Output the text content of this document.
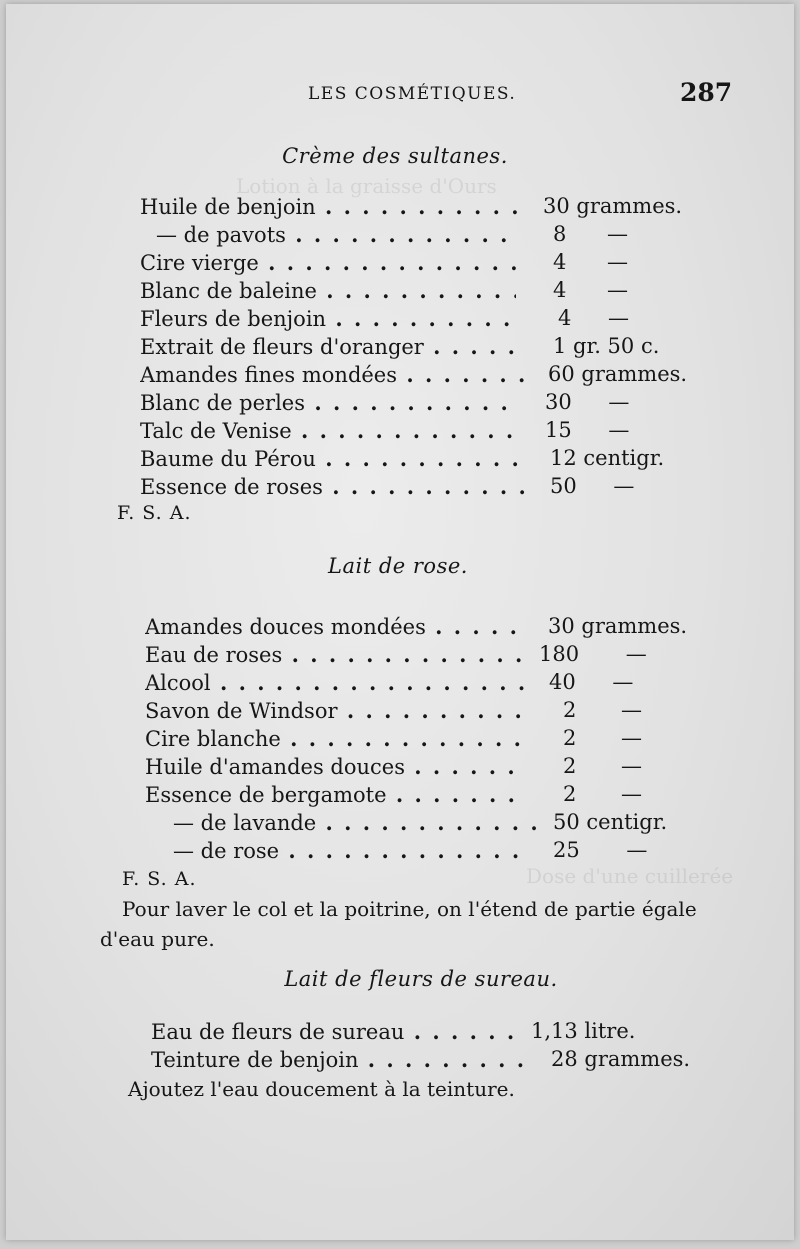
Lotion à la graisse d'Ours
Dose d'une cuillerée
LES COSMÉTIQUES.	287
Crème des sultanes.
Huile de benjoin . . .	30 grammes.
— de pavots . . .	8 —
Cire vierge . . .	4 —
Blanc de baleine . . .	4 —
Fleurs de benjoin . . .	4 —
Extrait de fleurs d'oranger . . .	1 gr. 50 c.
Amandes fines mondées . . .	60 grammes.
Blanc de perles . . .	30 —
Talc de Venise . . .	15 —
Baume du Pérou . . .	12 centigr.
Essence de roses . . .	50 —
F. S. A.
Lait de rose.
Amandes douces mondées . . .	30 grammes.
Eau de roses . . .	180 —
Alcool . . .	40 —
Savon de Windsor . . .	2 —
Cire blanche . . .	2 —
Huile d'amandes douces . . .	2 —
Essence de bergamote . . .	2 —
— de lavande . . .	50 centigr.
— de rose . . .	25 —
F. S. A.
Pour laver le col et la poitrine, on l'étend de partie égale d'eau pure.
Lait de fleurs de sureau.
Eau de fleurs de sureau . . .	1,13 litre.
Teinture de benjoin . . .	28 grammes.
Ajoutez l'eau doucement à la teinture.
